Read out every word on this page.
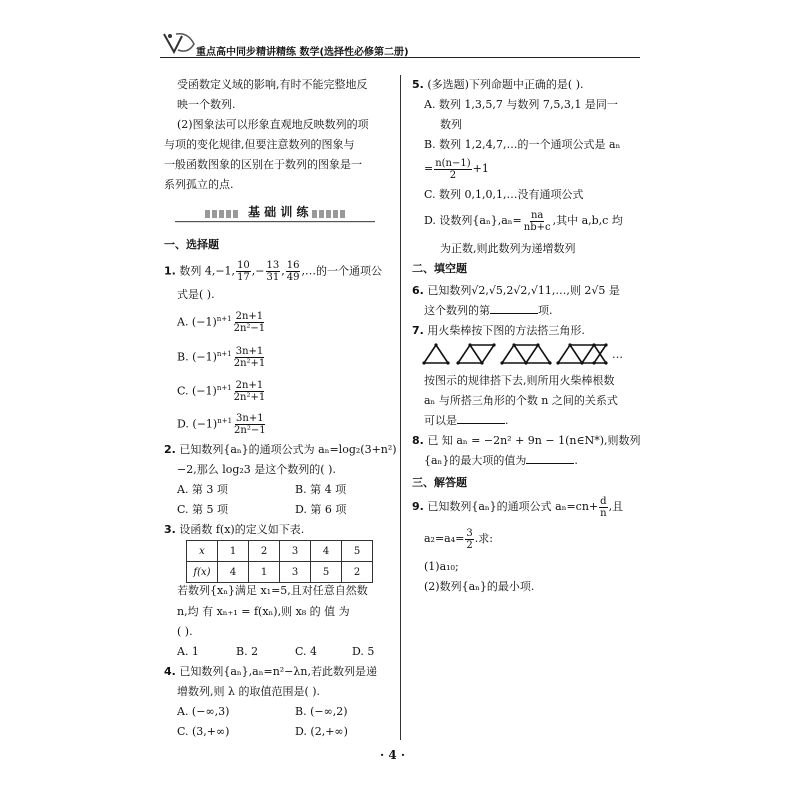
重点高中同步精讲精练 数学(选择性必修第二册)
受函数定义域的影响,有时不能完整地反
映一个数列.
(2)图象法可以形象直观地反映数列的项
与项的变化规律,但要注意数列的图象与
一般函数图象的区别在于数列的图象是一
系列孤立的点.
基 础 训 练
一、选择题
1. 数列 4,−1, $\frac{10}{17}$ ,− $\frac{13}{31}$ , $\frac{16}{49}$ ,…的一个通项公
式是( ).
A. $(-1)^{n+1} \frac{2n+1}{\text{2n²−1}}$
B. $(-1)^{n+1} \frac{3n+1}{\text{2n²+1}}$
C. $(-1)^{n+1} \frac{2n+1}{\text{2n²+1}}$
D. $(-1)^{n+1} \frac{3n+1}{\text{2n²−1}}$
2. 已知数列{aₙ}的通项公式为 aₙ=log₂(3+n²)
−2,那么 log₂3 是这个数列的( ).
A. 第 3 项	B. 第 4 项
C. 第 5 项	D. 第 6 项
3. 设函数 f(x)的定义如下表.
x	1	2	3	4	5
f(x)	4	1	3	5	2
若数列{xₙ}满足 x₁=5,且对任意自然数
n,均 有 xₙ₊₁ = f(xₙ),则 x₈ 的 值 为
( ).
A. 1	B. 2	C. 4	D. 5
4. 已知数列{aₙ},aₙ=n²−λn,若此数列是递
增数列,则 λ 的取值范围是( ).
A. (−∞,3)	B. (−∞,2)
C. (3,+∞)	D. (2,+∞)
5. (多选题)下列命题中正确的是( ).
A. 数列 1,3,5,7 与数列 7,5,3,1 是同一
数列
B. 数列 1,2,4,7,…的一个通项公式是 aₙ
= $\frac{n(n-1)}{2} +1$
C. 数列 0,1,0,1,…没有通项公式
D. 设数列$\{a_n\},a_n= \frac{na}{nb+c}$ ,其中 a,b,c 均
为正数,则此数列为递增数列
二、填空题
6. 已知数列√2,√5,2√2,√11,…,则 2√5 是
这个数列的第	项.
7. 用火柴棒按下图的方法搭三角形.
…
按图示的规律搭下去,则所用火柴棒根数
aₙ 与所搭三角形的个数 n 之间的关系式
可以是	.
8. 已 知 aₙ = −2n² + 9n − 1(n∈N*),则数列
{aₙ}的最大项的值为	.
三、解答题
9. 已知数列{aₙ}的通项公式 $a_n=cn+ \frac{d}{n}$ ,且
$a_2=a_4= \frac{3}{2}$ .求:
(1)a₁₀;
(2)数列{aₙ}的最小项.
· 4 ·
